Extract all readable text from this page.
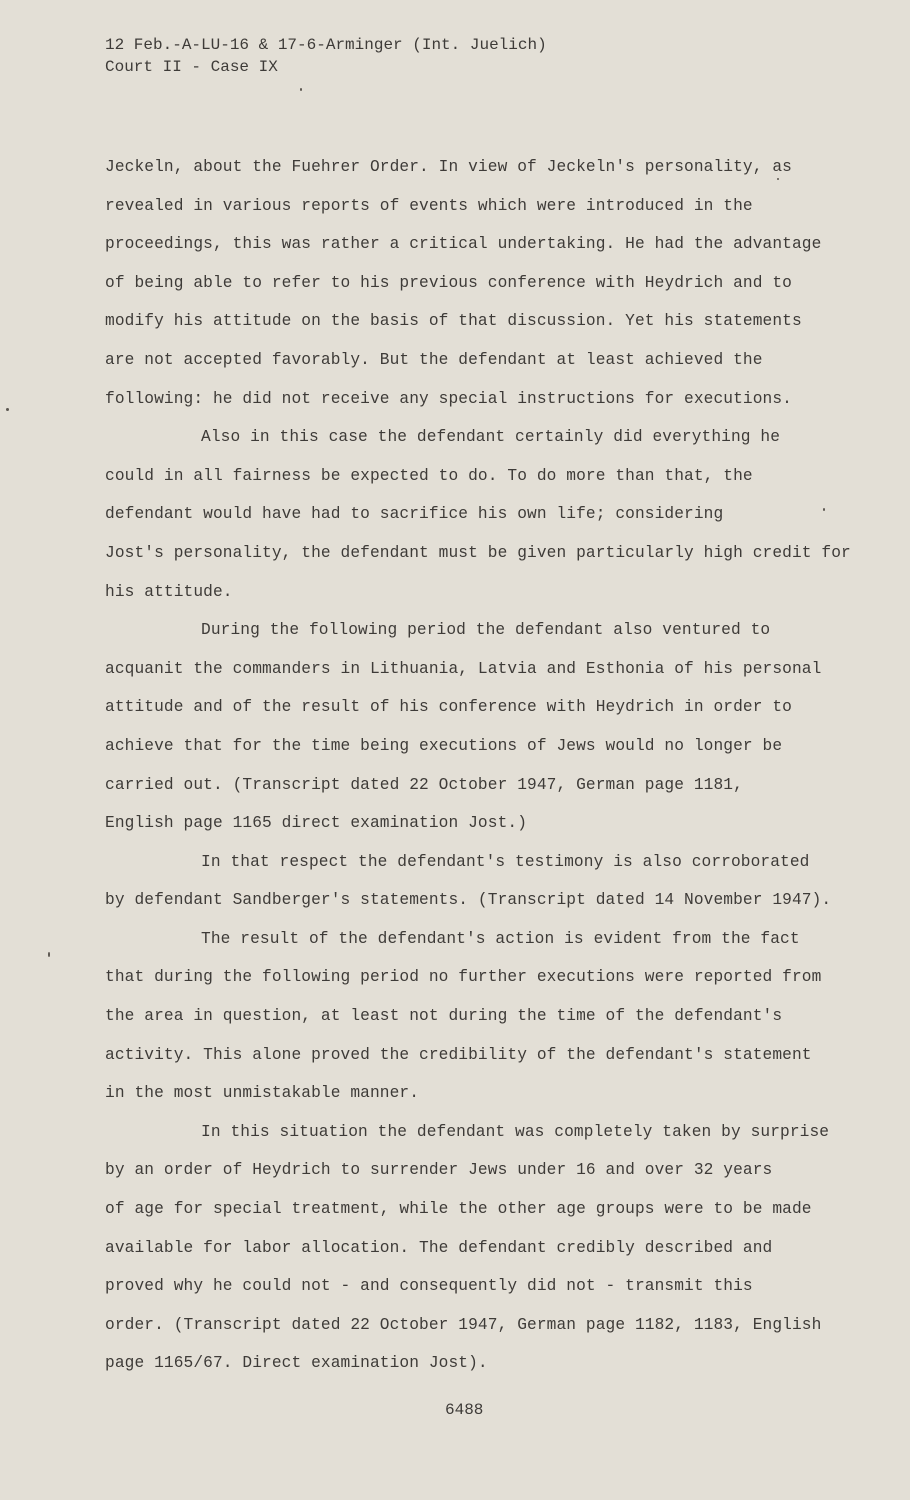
12 Feb.-A-LU-16 & 17-6-Arminger (Int. Juelich)
Court II - Case IX
Jeckeln, about the Fuehrer Order. In view of Jeckeln's personality, as
revealed in various reports of events which were introduced in the
proceedings, this was rather a critical undertaking. He had the advantage
of being able to refer to his previous conference with Heydrich and to
modify his attitude on the basis of that discussion. Yet his statements
are not accepted favorably. But the defendant at least achieved the
following: he did not receive any special instructions for executions.
Also in this case the defendant certainly did everything he
could in all fairness be expected to do. To do more than that, the
defendant would have had to sacrifice his own life; considering
Jost's personality, the defendant must be given particularly high credit for
his attitude.
During the following period the defendant also ventured to
acquanit the commanders in Lithuania, Latvia and Esthonia of his personal
attitude and of the result of his conference with Heydrich in order to
achieve that for the time being executions of Jews would no longer be
carried out. (Transcript dated 22 October 1947, German page 1181,
English page 1165 direct examination Jost.)
In that respect the defendant's testimony is also corroborated
by defendant Sandberger's statements. (Transcript dated 14 November 1947).
The result of the defendant's action is evident from the fact
that during the following period no further executions were reported from
the area in question, at least not during the time of the defendant's
activity. This alone proved the credibility of the defendant's statement
in the most unmistakable manner.
In this situation the defendant was completely taken by surprise
by an order of Heydrich to surrender Jews under 16 and over 32 years
of age for special treatment, while the other age groups were to be made
available for labor allocation. The defendant credibly described and
proved why he could not - and consequently did not - transmit this
order. (Transcript dated 22 October 1947, German page 1182, 1183, English
page 1165/67. Direct examination Jost).
6488
